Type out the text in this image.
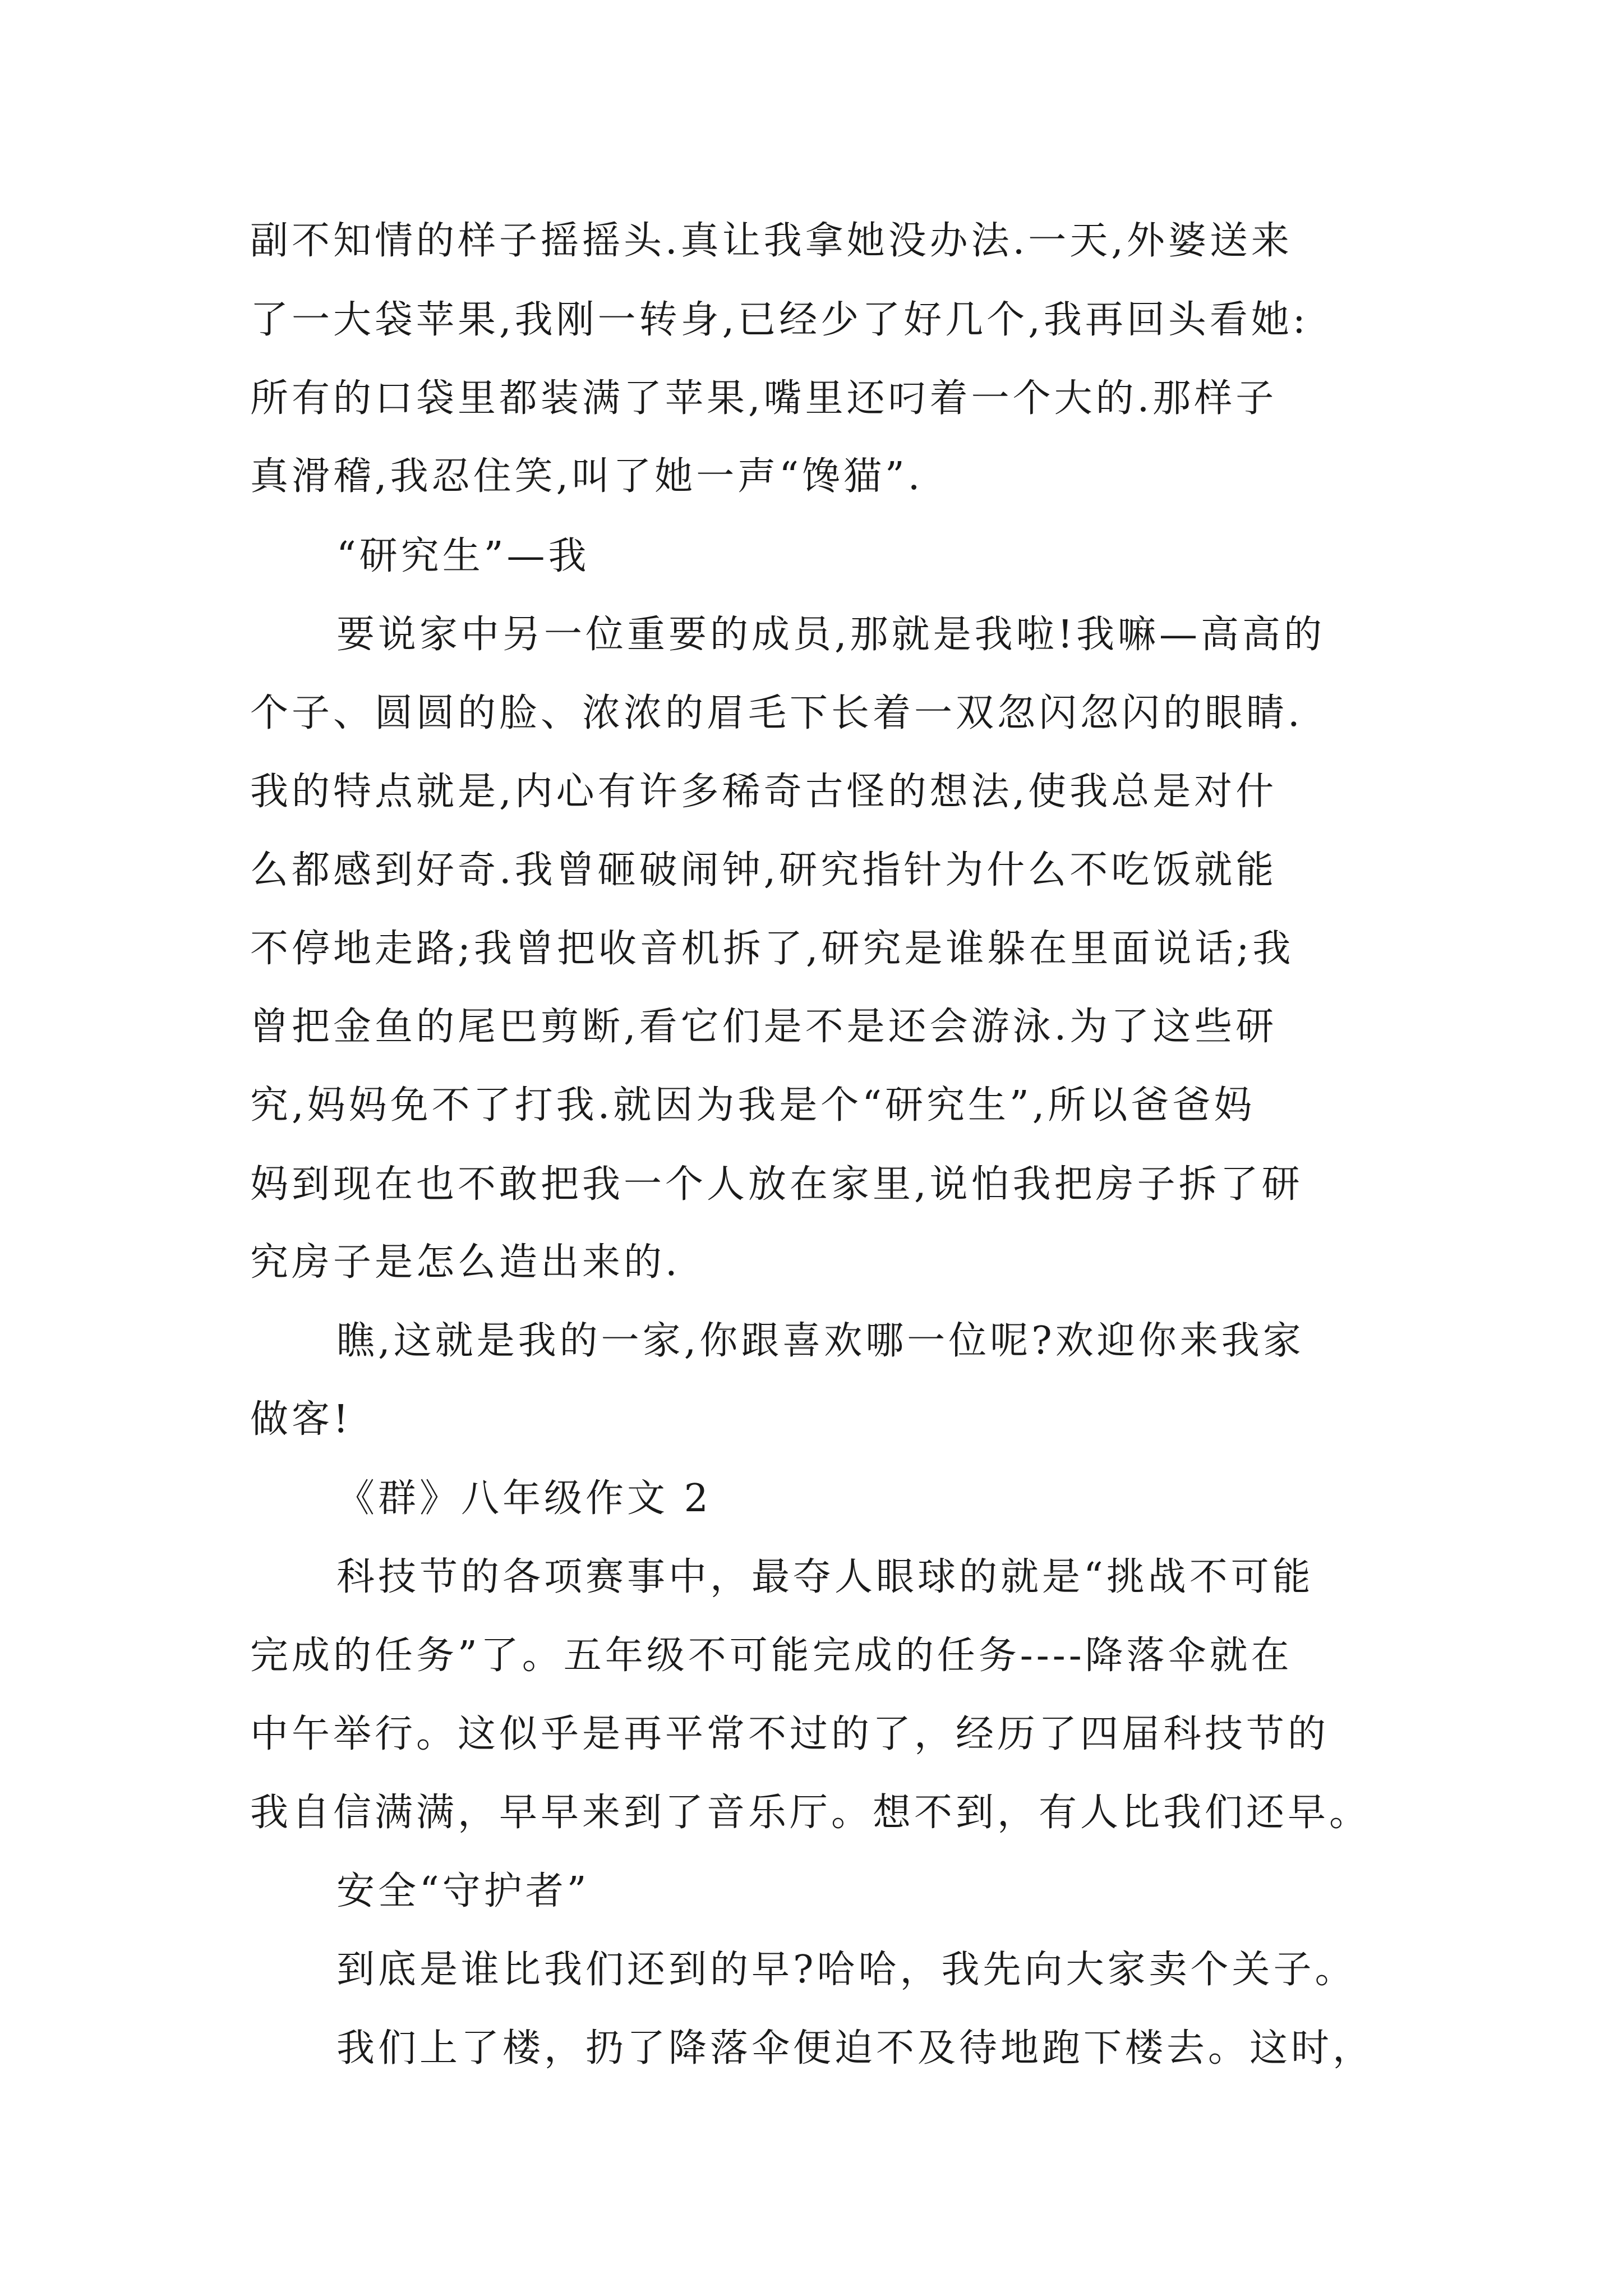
副不知情的样子摇摇头.真让我拿她没办法.一天,外婆送来
了一大袋苹果,我刚一转身,已经少了好几个,我再回头看她:
所有的口袋里都装满了苹果,嘴里还叼着一个大的.那样子
真滑稽,我忍住笑,叫了她一声“馋猫”.
“研究生”—我
要说家中另一位重要的成员,那就是我啦!我嘛—高高的
个子、圆圆的脸、浓浓的眉毛下长着一双忽闪忽闪的眼睛.
我的特点就是,内心有许多稀奇古怪的想法,使我总是对什
么都感到好奇.我曾砸破闹钟,研究指针为什么不吃饭就能
不停地走路;我曾把收音机拆了,研究是谁躲在里面说话;我
曾把金鱼的尾巴剪断,看它们是不是还会游泳.为了这些研
究,妈妈免不了打我.就因为我是个“研究生”,所以爸爸妈
妈到现在也不敢把我一个人放在家里,说怕我把房子拆了研
究房子是怎么造出来的.
瞧,这就是我的一家,你跟喜欢哪一位呢?欢迎你来我家
做客!
《群》八年级作文 2
科技节的各项赛事中，最夺人眼球的就是“挑战不可能
完成的任务”了。五年级不可能完成的任务----降落伞就在
中午举行。这似乎是再平常不过的了，经历了四届科技节的
我自信满满，早早来到了音乐厅。想不到，有人比我们还早。
安全“守护者”
到底是谁比我们还到的早?哈哈，我先向大家卖个关子。
我们上了楼，扔了降落伞便迫不及待地跑下楼去。这时，
